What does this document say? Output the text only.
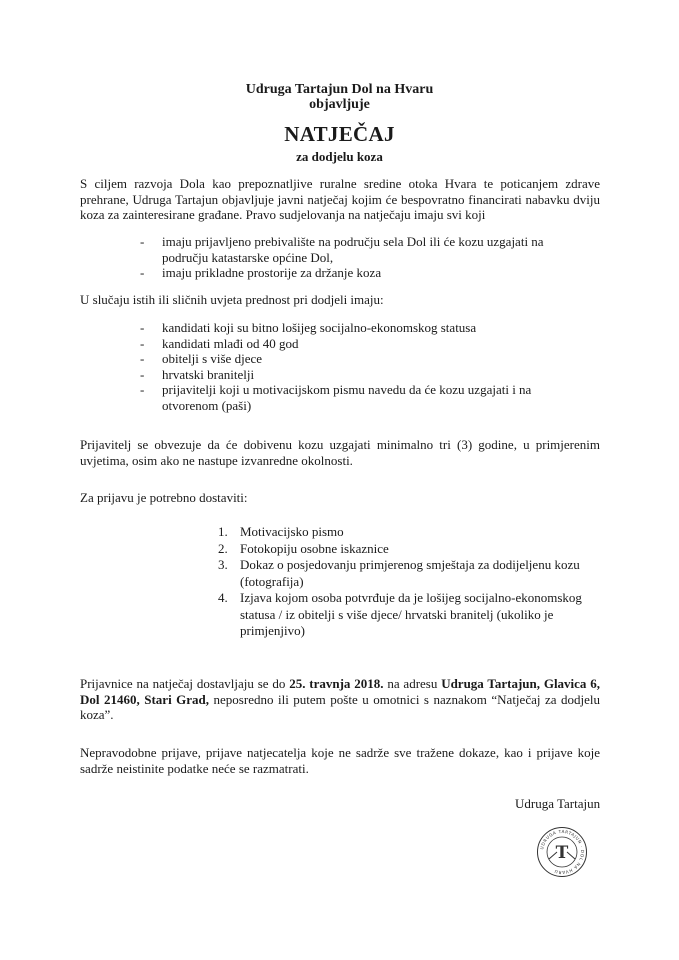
Udruga Tartajun Dol na Hvaru

objavljuje

NATJEČAJ

za dodjelu koza

S ciljem razvoja Dola kao prepoznatljive ruralne sredine otoka Hvara te poticanjem zdrave prehrane, Udruga Tartajun objavljuje javni natječaj kojim će bespovratno financirati nabavku dviju koza za zainteresirane građane. Pravo sudjelovanja na natječaju imaju svi koji

- imaju prijavljeno prebivalište na području sela Dol ili će kozu uzgajati na području katastarske općine Dol,
- imaju prikladne prostorije za držanje koza

U slučaju istih ili sličnih uvjeta prednost pri dodjeli imaju:

- kandidati koji su bitno lošijeg socijalno-ekonomskog statusa
- kandidati mlađi od 40 god
- obitelji s više djece
- hrvatski branitelji
- prijavitelji koji u motivacijskom pismu navedu da će kozu uzgajati i na otvorenom (paši)

Prijavitelj se obvezuje da će dobivenu kozu uzgajati minimalno tri (3) godine, u primjerenim uvjetima, osim ako ne nastupe izvanredne okolnosti.

Za prijavu je potrebno dostaviti:

1. Motivacijsko pismo
2. Fotokopiju osobne iskaznice
3. Dokaz o posjedovanju primjerenog smještaja za dodijeljenu kozu (fotografija)
4. Izjava kojom osoba potvrđuje da je lošijeg socijalno-ekonomskog statusa / iz obitelji s više djece/ hrvatski branitelj (ukoliko je primjenjivo)

Prijavnice na natječaj dostavljaju se do 25. travnja 2018. na adresu Udruga Tartajun, Glavica 6, Dol 21460, Stari Grad, neposredno ili putem pošte u omotnici s naznakom “Natječaj za dodjelu koza”.

Nepravodobne prijave, prijave natjecatelja koje ne sadrže sve tražene dokaze, kao i prijave koje sadrže neistinite podatke neće se razmatrati.

Udruga Tartajun

UDRUGA TARTAJUN · DOL NA HVARU
T
